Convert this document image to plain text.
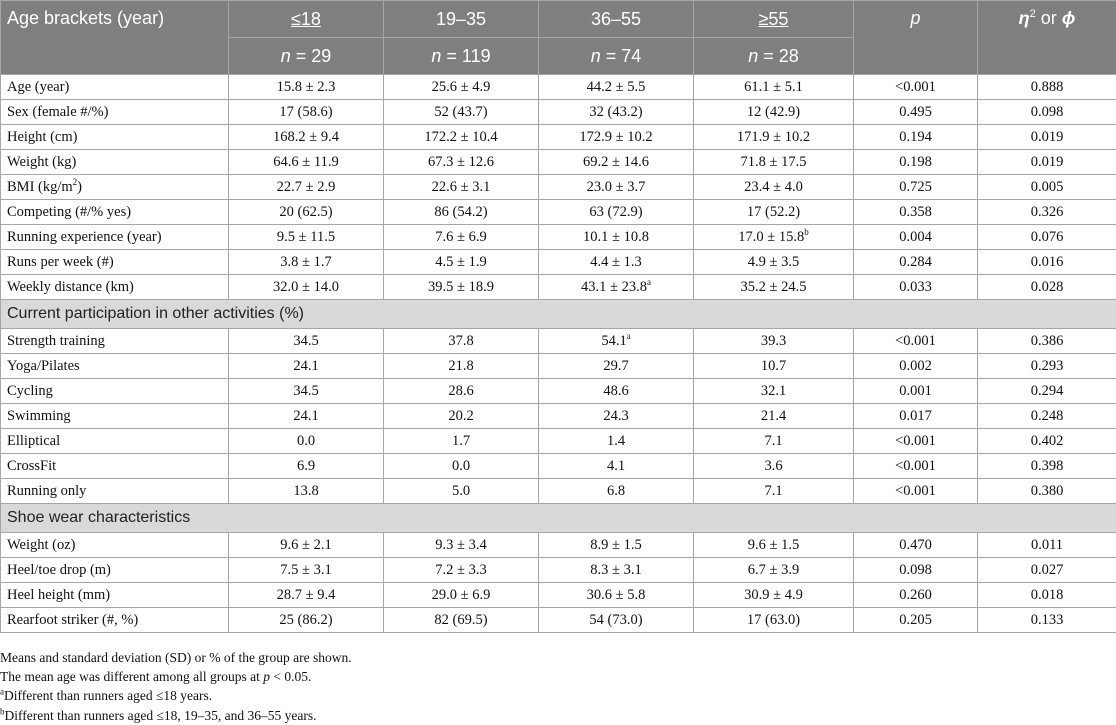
Age brackets (year)	≤18	19–35	36–55	≥55	p	$\eta^2$ or ϕ
	n = 29	n = 119	n = 74	n = 28		
Age (year)	15.8 ± 2.3	25.6 ± 4.9	44.2 ± 5.5	61.1 ± 5.1	<0.001	0.888
Sex (female #/%)	17 (58.6)	52 (43.7)	32 (43.2)	12 (42.9)	0.495	0.098
Height (cm)	168.2 ± 9.4	172.2 ± 10.4	172.9 ± 10.2	171.9 ± 10.2	0.194	0.019
Weight (kg)	64.6 ± 11.9	67.3 ± 12.6	69.2 ± 14.6	71.8 ± 17.5	0.198	0.019
BMI $(kg/m^2)$	22.7 ± 2.9	22.6 ± 3.1	23.0 ± 3.7	23.4 ± 4.0	0.725	0.005
Competing (#/% yes)	20 (62.5)	86 (54.2)	63 (72.9)	17 (52.2)	0.358	0.326
Running experience (year)	9.5 ± 11.5	7.6 ± 6.9	10.1 ± 10.8	17.0 ± 15.8$^b$	0.004	0.076
Runs per week (#)	3.8 ± 1.7	4.5 ± 1.9	4.4 ± 1.3	4.9 ± 3.5	0.284	0.016
Weekly distance (km)	32.0 ± 14.0	39.5 ± 18.9	43.1 ± 23.8$^a$	35.2 ± 24.5	0.033	0.028
Current participation in other activities (%)						
Strength training	34.5	37.8	54.1$^a$	39.3	<0.001	0.386
Yoga/Pilates	24.1	21.8	29.7	10.7	0.002	0.293
Cycling	34.5	28.6	48.6	32.1	0.001	0.294
Swimming	24.1	20.2	24.3	21.4	0.017	0.248
Elliptical	0.0	1.7	1.4	7.1	<0.001	0.402
CrossFit	6.9	0.0	4.1	3.6	<0.001	0.398
Running only	13.8	5.0	6.8	7.1	<0.001	0.380
Shoe wear characteristics						
Weight (oz)	9.6 ± 2.1	9.3 ± 3.4	8.9 ± 1.5	9.6 ± 1.5	0.470	0.011
Heel/toe drop (m)	7.5 ± 3.1	7.2 ± 3.3	8.3 ± 3.1	6.7 ± 3.9	0.098	0.027
Heel height (mm)	28.7 ± 9.4	29.0 ± 6.9	30.6 ± 5.8	30.9 ± 4.9	0.260	0.018
Rearfoot striker (#, %)	25 (86.2)	82 (69.5)	54 (73.0)	17 (63.0)	0.205	0.133
Means and standard deviation (SD) or % of the group are shown.
The mean age was different among all groups at p < 0.05.
$^a$Different than runners aged ≤18 years.
$^b$Different than runners aged ≤18, 19–35, and 36–55 years.
